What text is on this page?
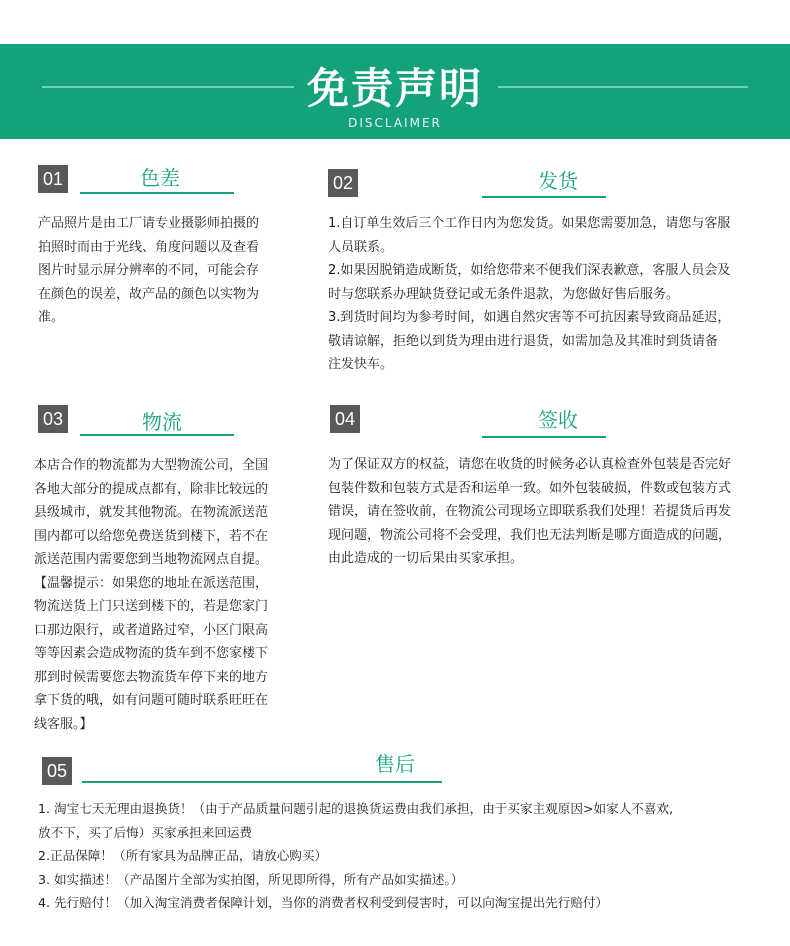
免责声明
DISCLAIMER
01	色差

产品照片是由工厂请专业摄影师拍摄的

拍照时而由于光线、角度问题以及查看

图片时显示屏分辨率的不同，可能会存

在颜色的误差，故产品的颜色以实物为

准。

02	发货

1.自订单生效后三个工作日内为您发货。如果您需要加急，请您与客服

人员联系。

2.如果因脱销造成断货，如给您带来不便我们深表歉意，客服人员会及

时与您联系办理缺货登记或无条件退款，为您做好售后服务。

3.到货时间均为参考时间，如遇自然灾害等不可抗因素导致商品延迟，

敬请谅解，拒绝以到货为理由进行退货，如需加急及其准时到货请备

注发快车。

03	物流

本店合作的物流都为大型物流公司，全国

各地大部分的提成点都有，除非比较远的

县级城市，就发其他物流。在物流派送范

围内都可以给您免费送货到楼下，若不在

派送范围内需要您到当地物流网点自提。

【温馨提示：如果您的地址在派送范围，

物流送货上门只送到楼下的，若是您家门

口那边限行，或者道路过窄，小区门限高

等等因素会造成物流的货车到不您家楼下

那到时候需要您去物流货车停下来的地方

拿下货的哦，如有问题可随时联系旺旺在

线客服。】

04	签收

为了保证双方的权益，请您在收货的时候务必认真检查外包装是否完好

包装件数和包装方式是否和运单一致。如外包装破损，件数或包装方式

错误，请在签收前，在物流公司现场立即联系我们处理！若提货后再发

现问题，物流公司将不会受理，我们也无法判断是哪方面造成的问题，

由此造成的一切后果由买家承担。

05	售后

1. 淘宝七天无理由退换货！（由于产品质量问题引起的退换货运费由我们承担，由于买家主观原因>如家人不喜欢,

放不下，买了后悔）买家承担来回运费

2.正品保障！（所有家具为品牌正品，请放心购买）

3. 如实描述！（产品图片全部为实拍图，所见即所得，所有产品如实描述。）

4. 先行赔付！（加入淘宝消费者保障计划，当你的消费者权利受到侵害时，可以向淘宝提出先行赔付）
